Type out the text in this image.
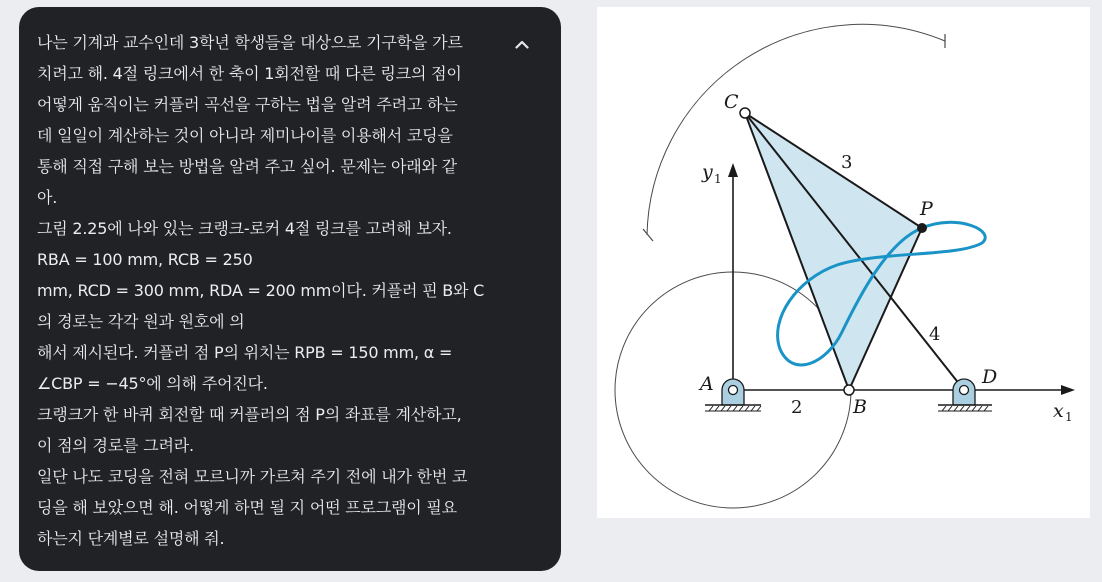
나는 기계과 교수인데 3학년 학생들을 대상으로 기구학을 가르
치려고 해. 4절 링크에서 한 축이 1회전할 때 다른 링크의 점이
어떻게 움직이는 커플러 곡선을 구하는 법을 알려 주려고 하는
데 일일이 계산하는 것이 아니라 제미나이를 이용해서 코딩을
통해 직접 구해 보는 방법을 알려 주고 싶어. 문제는 아래와 같
아.
그림 2.25에 나와 있는 크랭크-로커 4절 링크를 고려해 보자.
RBA = 100 mm, RCB = 250
mm, RCD = 300 mm, RDA = 200 mm이다. 커플러 핀 B와 C
의 경로는 각각 원과 원호에 의
해서 제시된다. 커플러 점 P의 위치는 RPB = 150 mm, α =
∠CBP = −45°에 의해 주어진다.
크랭크가 한 바퀴 회전할 때 커플러의 점 P의 좌표를 계산하고,
이 점의 경로를 그려라.
일단 나도 코딩을 전혀 모르니까 가르쳐 주기 전에 내가 한번 코
딩을 해 보았으면 해. 어떻게 하면 될 지 어떤 프로그램이 필요
하는지 단계별로 설명해 줘.
C
P
A
B
D
y 1
x 1
2
3
4
